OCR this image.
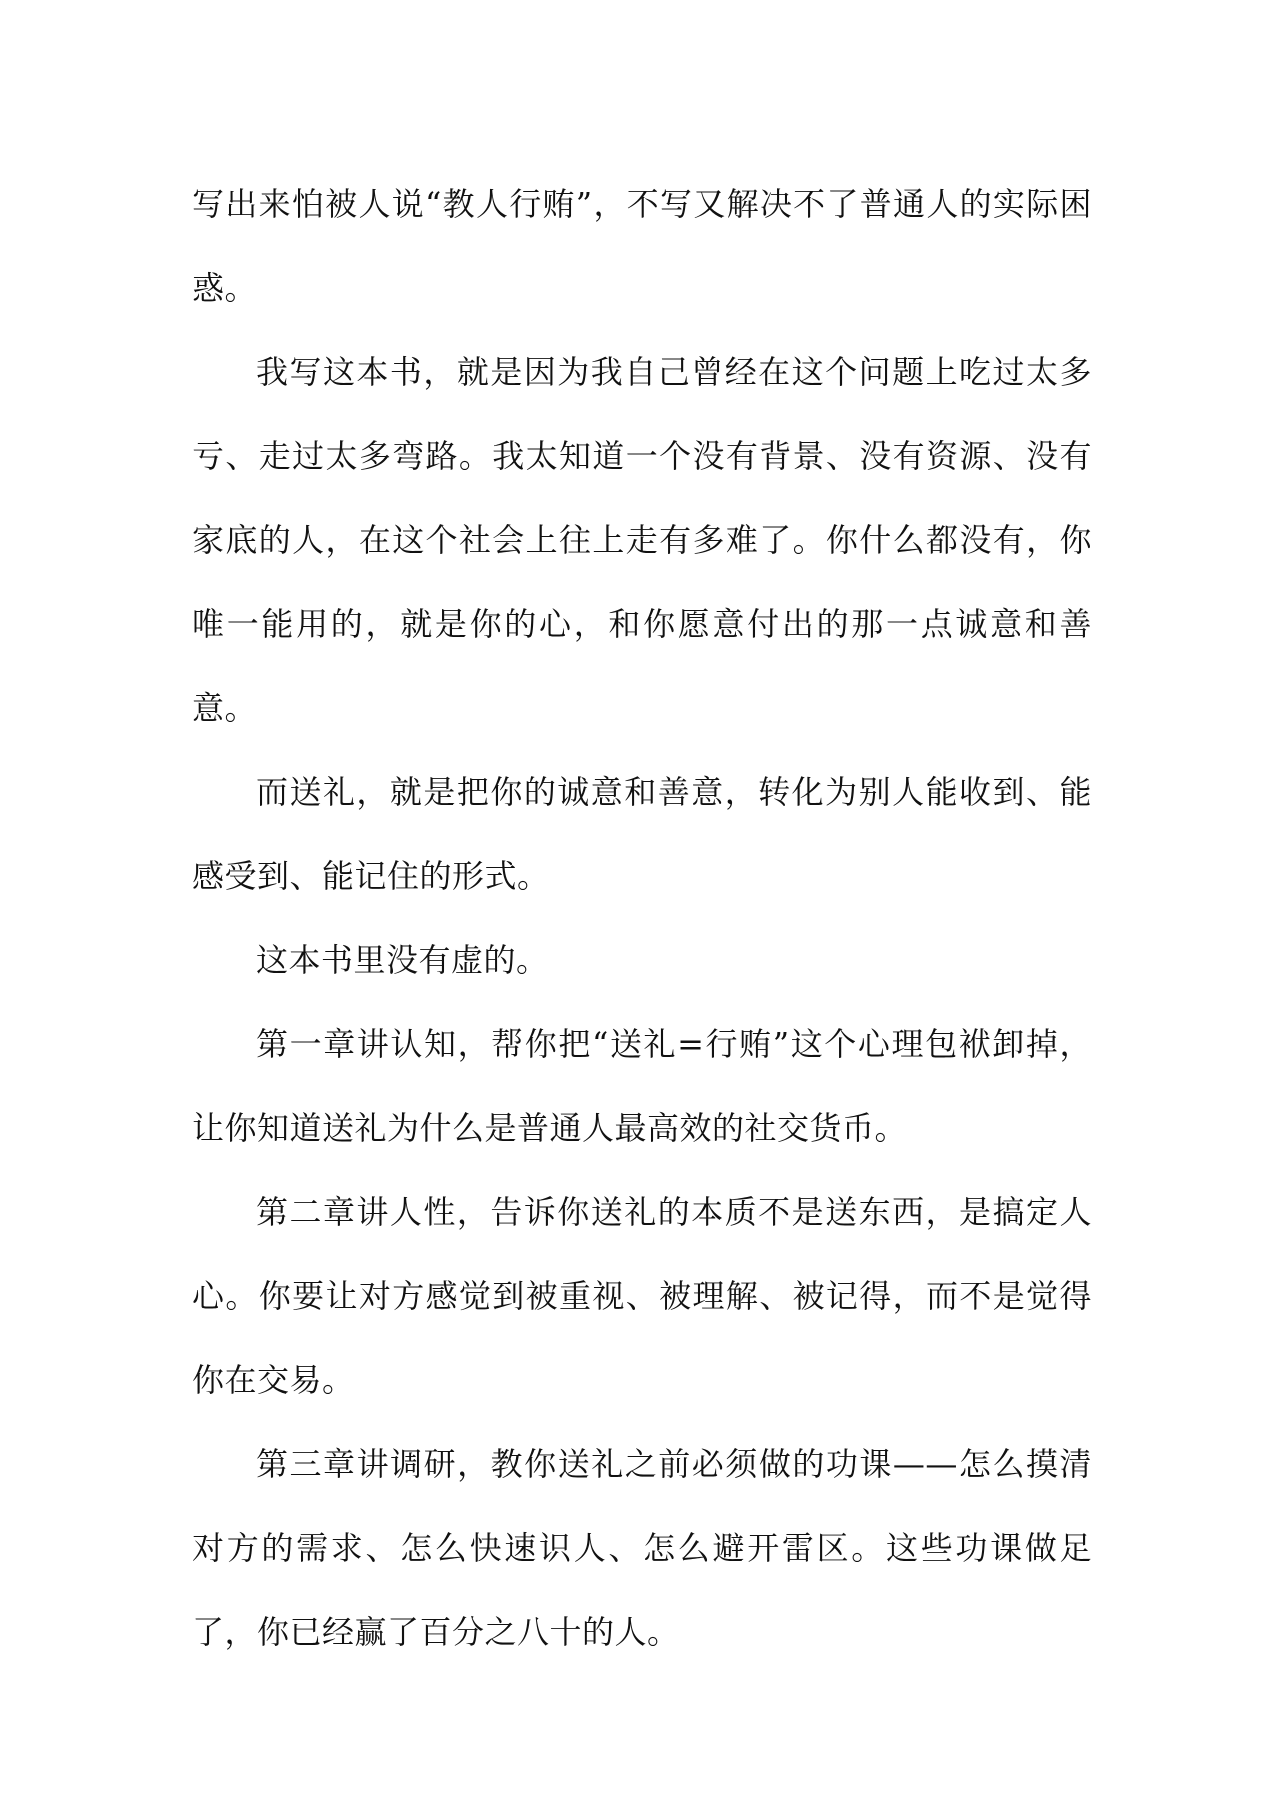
写出来怕被人说“教人行贿”，不写又解决不了普通人的实际困惑。

我写这本书，就是因为我自己曾经在这个问题上吃过太多亏、走过太多弯路。我太知道一个没有背景、没有资源、没有家底的人，在这个社会上往上走有多难了。你什么都没有，你唯一能用的，就是你的心，和你愿意付出的那一点诚意和善意。

而送礼，就是把你的诚意和善意，转化为别人能收到、能感受到、能记住的形式。

这本书里没有虚的。

第一章讲认知，帮你把“送礼=行贿”这个心理包袱卸掉，让你知道送礼为什么是普通人最高效的社交货币。

第二章讲人性，告诉你送礼的本质不是送东西，是搞定人心。你要让对方感觉到被重视、被理解、被记得，而不是觉得你在交易。

第三章讲调研，教你送礼之前必须做的功课——怎么摸清对方的需求、怎么快速识人、怎么避开雷区。这些功课做足了，你已经赢了百分之八十的人。
